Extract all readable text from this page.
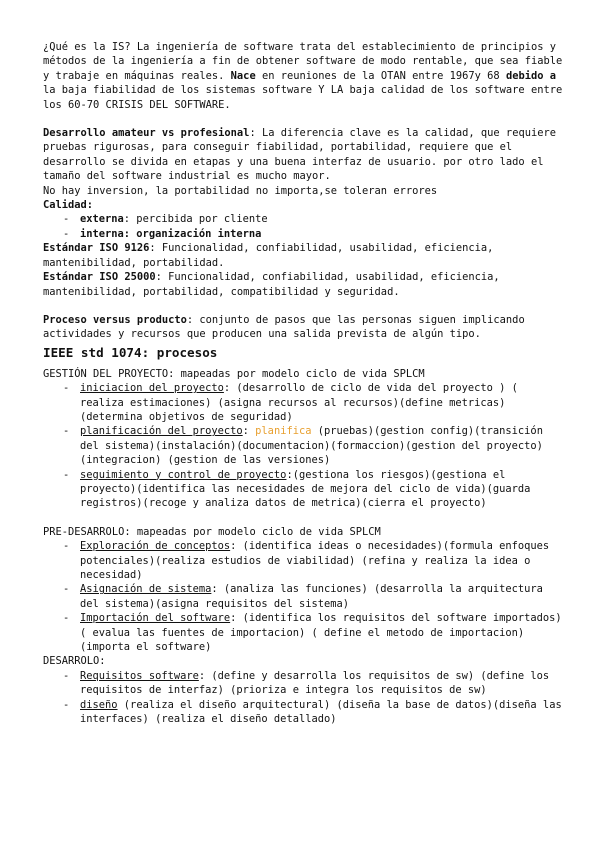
¿Qué es la IS? La ingeniería de software trata del establecimiento de principios y métodos de la ingeniería a fin de obtener software de modo rentable, que sea fiable y trabaje en máquinas reales. Nace en reuniones de la OTAN entre 1967y 68 debido a la baja fiabilidad de los sistemas software Y LA baja calidad de los software entre los 60-70 CRISIS DEL SOFTWARE.

Desarrollo amateur vs profesional: La diferencia clave es la calidad, que requiere pruebas rigurosas, para conseguir fiabilidad, portabilidad, requiere que el desarrollo se divida en etapas y una buena interfaz de usuario. por otro lado el tamaño del software industrial es mucho mayor.

No hay inversion, la portabilidad no importa,se toleran errores

Calidad:

- externa: percibida por cliente
- interna: organización interna

Estándar ISO 9126: Funcionalidad, confiabilidad, usabilidad, eficiencia, mantenibilidad, portabilidad.

Estándar ISO 25000: Funcionalidad, confiabilidad, usabilidad, eficiencia, mantenibilidad, portabilidad, compatibilidad y seguridad.

Proceso versus producto: conjunto de pasos que las personas siguen implicando actividades y recursos que producen una salida prevista de algún tipo.

IEEE std 1074: procesos

GESTIÓN DEL PROYECTO: mapeadas por modelo ciclo de vida SPLCM

- iniciacion del proyecto: (desarrollo de ciclo de vida del proyecto ) ( realiza estimaciones) (asigna recursos al recursos)(define metricas)(determina objetivos de seguridad)
- planificación del proyecto: planifica (pruebas)(gestion config)(transición del sistema)(instalación)(documentacion)(formaccion)(gestion del proyecto)(integracion) (gestion de las versiones)
- seguimiento y control de proyecto:(gestiona los riesgos)(gestiona el proyecto)(identifica las necesidades de mejora del ciclo de vida)(guarda registros)(recoge y analiza datos de metrica)(cierra el proyecto)

PRE-DESARROLO: mapeadas por modelo ciclo de vida SPLCM

- Exploración de conceptos: (identifica ideas o necesidades)(formula enfoques potenciales)(realiza estudios de viabilidad) (refina y realiza la idea o necesidad)
- Asignación de sistema: (analiza las funciones) (desarrolla la arquitectura del sistema)(asigna requisitos del sistema)
- Importación del software: (identifica los requisitos del software importados) ( evalua las fuentes de importacion) ( define el metodo de importacion) (importa el software)

DESARROLO:

- Requisitos software: (define y desarrolla los requisitos de sw) (define los requisitos de interfaz) (prioriza e integra los requisitos de sw)
- diseño (realiza el diseño arquitectural) (diseña la base de datos)(diseña las interfaces) (realiza el diseño detallado)
